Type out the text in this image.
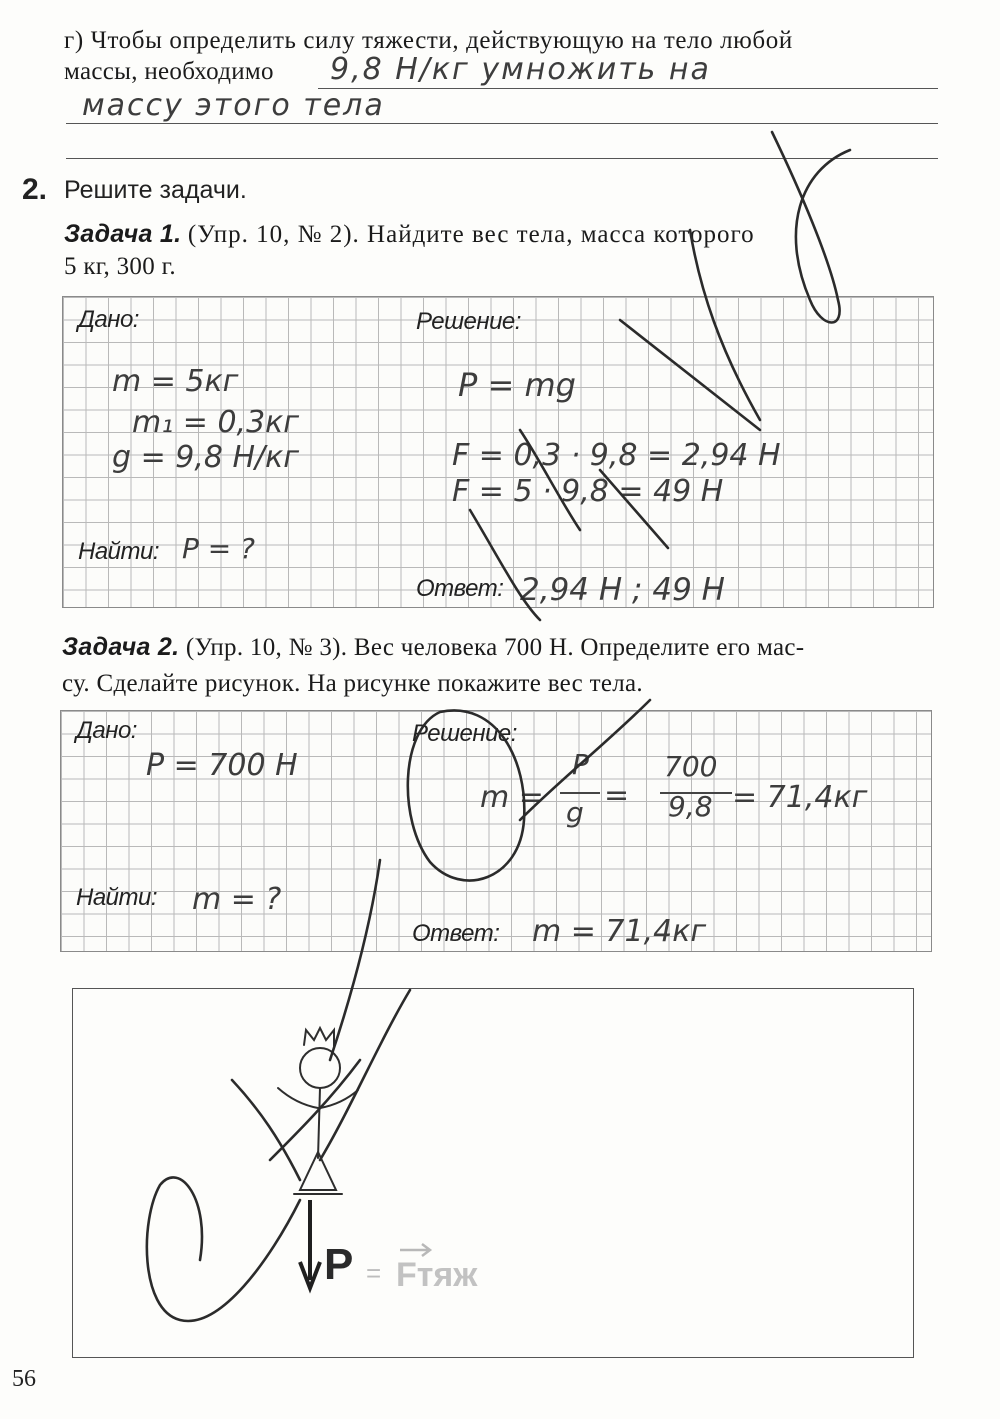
г) Чтобы определить силу тяжести, действующую на тело любой
массы, необходимо 9,8 Н/кг умножить на
массу этого тела
2. Решите задачи.
Задача 1. (Упр. 10, № 2). Найдите вес тела, масса которого
5 кг, 300 г.
Дано:	Решение:
Найти:
Ответ:
m = 5кг
m₁ = 0,3кг
g = 9,8 Н/кг
P = ?
P = mg
F = 0,3 · 9,8 = 2,94 Н
F = 5 · 9,8 = 49 Н
2,94 Н ; 49 Н
Задача 2. (Упр. 10, № 3). Вес человека 700 Н. Определите его мас-
су. Сделайте рисунок. На рисунке покажите вес тела.
Дано:	Решение:
Найти:
Ответ:
P = 700 Н
m = ?
m =
P
g =
700
9,8 = 71,4кг
m = 71,4кг
P = Fтяж
56
